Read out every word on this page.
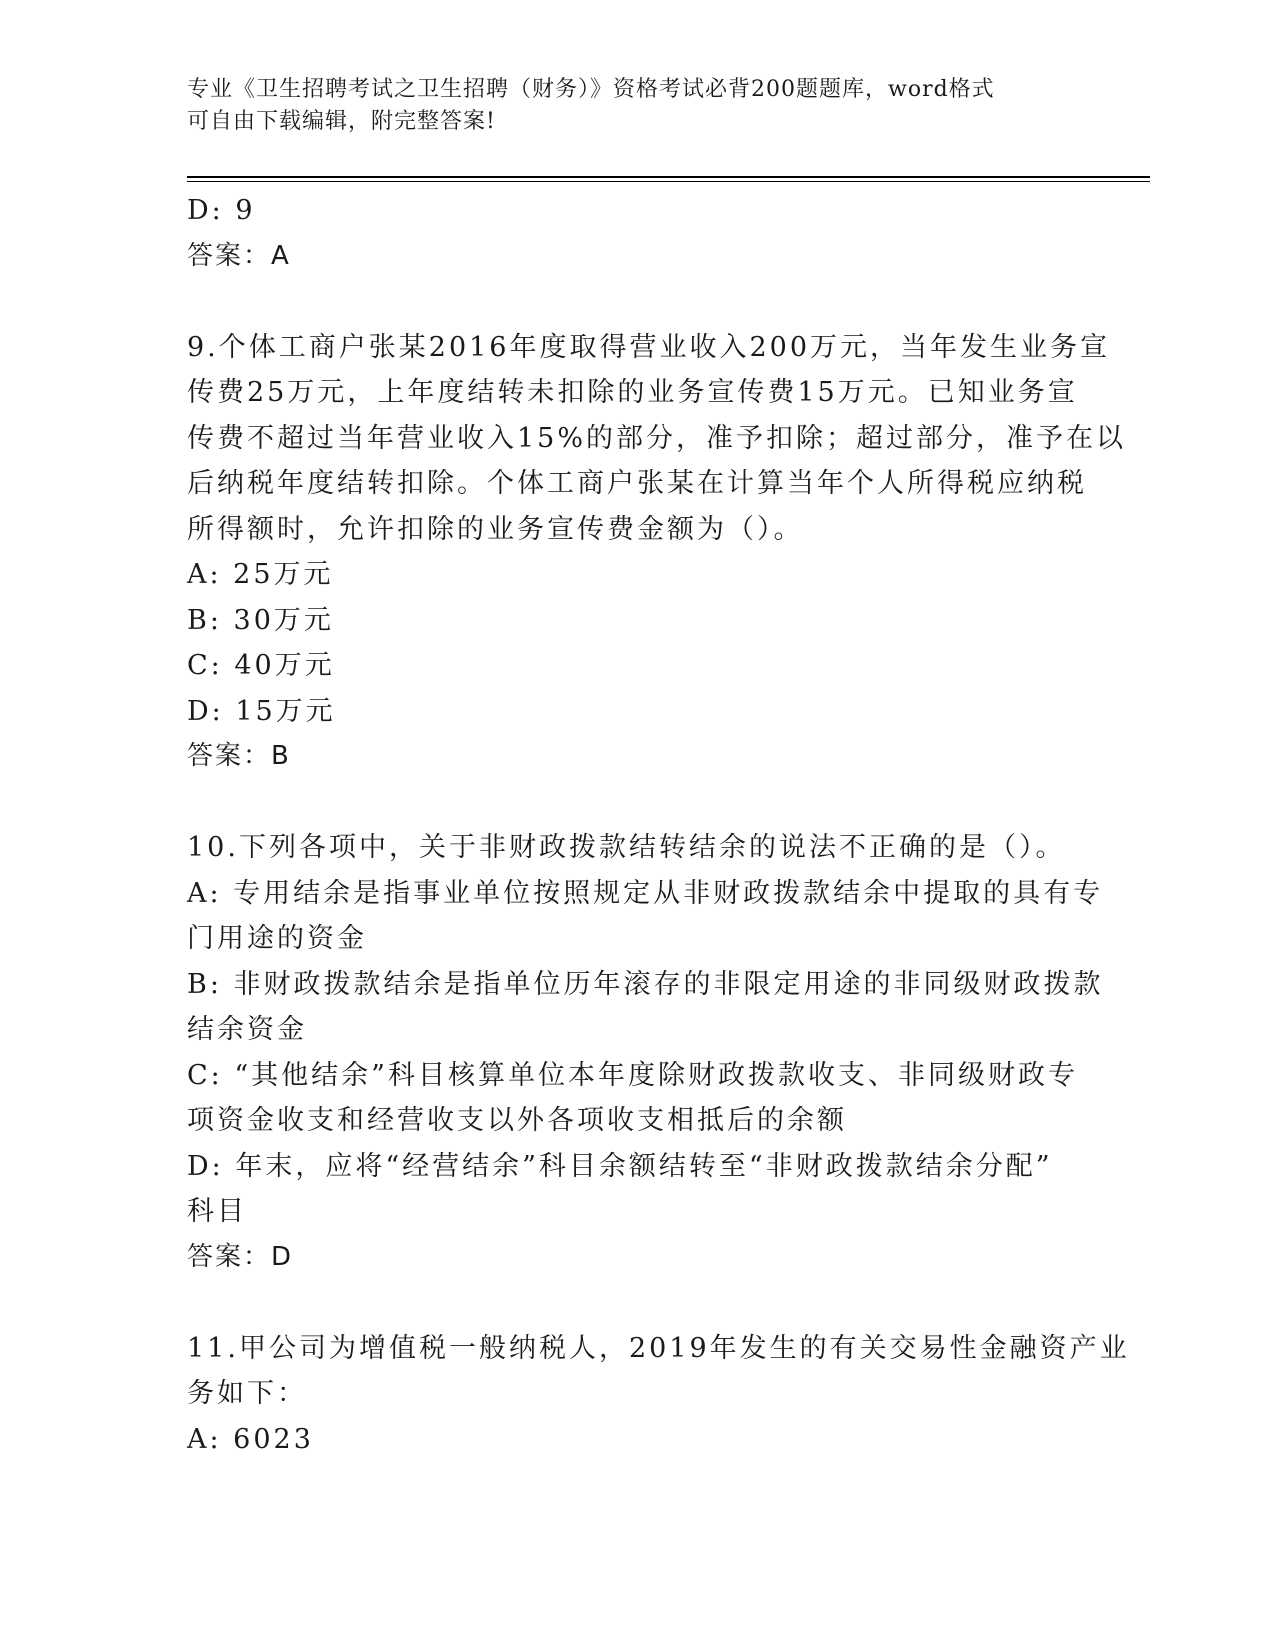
专业《卫生招聘考试之卫生招聘（财务）》资格考试必背200题题库，word格式
可自由下载编辑，附完整答案!
D: 9
答案：A
9.个体工商户张某2016年度取得营业收入200万元，当年发生业务宣
传费25万元，上年度结转未扣除的业务宣传费15万元。已知业务宣
传费不超过当年营业收入15%的部分，准予扣除；超过部分，准予在以
后纳税年度结转扣除。个体工商户张某在计算当年个人所得税应纳税
所得额时，允许扣除的业务宣传费金额为（）。
A: 25万元
B: 30万元
C: 40万元
D: 15万元
答案：B
10.下列各项中，关于非财政拨款结转结余的说法不正确的是（）。
A: 专用结余是指事业单位按照规定从非财政拨款结余中提取的具有专
门用途的资金
B: 非财政拨款结余是指单位历年滚存的非限定用途的非同级财政拨款
结余资金
C: “其他结余”科目核算单位本年度除财政拨款收支、非同级财政专
项资金收支和经营收支以外各项收支相抵后的余额
D: 年末，应将“经营结余”科目余额结转至“非财政拨款结余分配”
科目
答案：D
11.甲公司为增值税一般纳税人，2019年发生的有关交易性金融资产业
务如下：
A: 6023
